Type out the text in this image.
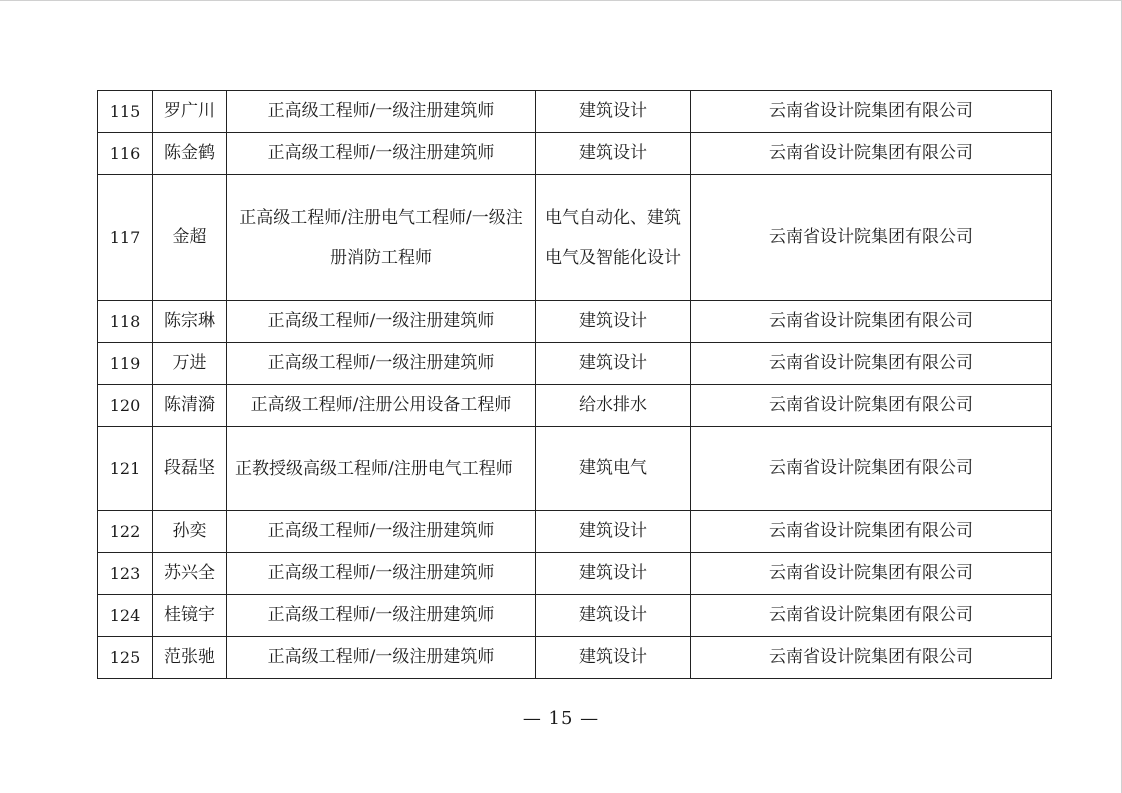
115	罗广川	正高级工程师/一级注册建筑师	建筑设计	云南省设计院集团有限公司
116	陈金鹤	正高级工程师/一级注册建筑师	建筑设计	云南省设计院集团有限公司
117	金超	正高级工程师/注册电气工程师/一级注册消防工程师	电气自动化、建筑电气及智能化设计	云南省设计院集团有限公司
118	陈宗琳	正高级工程师/一级注册建筑师	建筑设计	云南省设计院集团有限公司
119	万进	正高级工程师/一级注册建筑师	建筑设计	云南省设计院集团有限公司
120	陈清漪	正高级工程师/注册公用设备工程师	给水排水	云南省设计院集团有限公司
121	段磊坚	正教授级高级工程师/注册电气工程师	建筑电气	云南省设计院集团有限公司
122	孙奕	正高级工程师/一级注册建筑师	建筑设计	云南省设计院集团有限公司
123	苏兴全	正高级工程师/一级注册建筑师	建筑设计	云南省设计院集团有限公司
124	桂镜宇	正高级工程师/一级注册建筑师	建筑设计	云南省设计院集团有限公司
125	范张驰	正高级工程师/一级注册建筑师	建筑设计	云南省设计院集团有限公司
— 15 —
